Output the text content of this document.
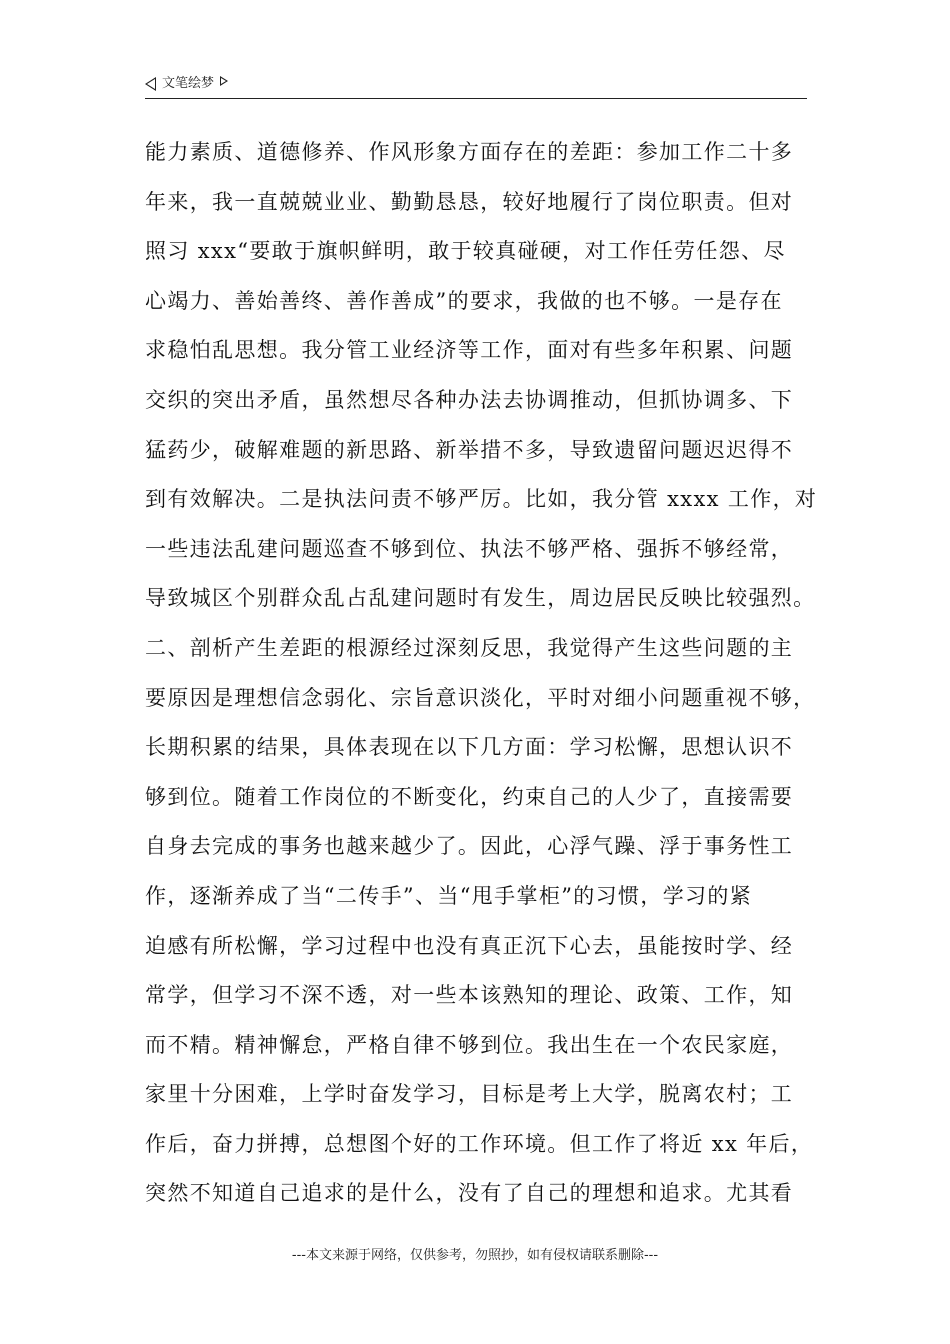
文笔绘梦
能力素质、道德修养、作风形象方面存在的差距：参加工作二十多
年来，我一直兢兢业业、勤勤恳恳，较好地履行了岗位职责。但对
照习 xxx“要敢于旗帜鲜明，敢于较真碰硬，对工作任劳任怨、尽
心竭力、善始善终、善作善成”的要求，我做的也不够。一是存在
求稳怕乱思想。我分管工业经济等工作，面对有些多年积累、问题
交织的突出矛盾，虽然想尽各种办法去协调推动，但抓协调多、下
猛药少，破解难题的新思路、新举措不多，导致遗留问题迟迟得不
到有效解决。二是执法问责不够严厉。比如，我分管 xxxx 工作，对
一些违法乱建问题巡查不够到位、执法不够严格、强拆不够经常，
导致城区个别群众乱占乱建问题时有发生，周边居民反映比较强烈。
二、剖析产生差距的根源经过深刻反思，我觉得产生这些问题的主
要原因是理想信念弱化、宗旨意识淡化，平时对细小问题重视不够，
长期积累的结果，具体表现在以下几方面：学习松懈，思想认识不
够到位。随着工作岗位的不断变化，约束自己的人少了，直接需要
自身去完成的事务也越来越少了。因此，心浮气躁、浮于事务性工
作，逐渐养成了当“二传手”、当“甩手掌柜”的习惯，学习的紧
迫感有所松懈，学习过程中也没有真正沉下心去，虽能按时学、经
常学，但学习不深不透，对一些本该熟知的理论、政策、工作，知
而不精。精神懈怠，严格自律不够到位。我出生在一个农民家庭，
家里十分困难，上学时奋发学习，目标是考上大学，脱离农村；工
作后，奋力拼搏，总想图个好的工作环境。但工作了将近 xx 年后，
突然不知道自己追求的是什么，没有了自己的理想和追求。尤其看
---本文来源于网络，仅供参考，勿照抄，如有侵权请联系删除---
